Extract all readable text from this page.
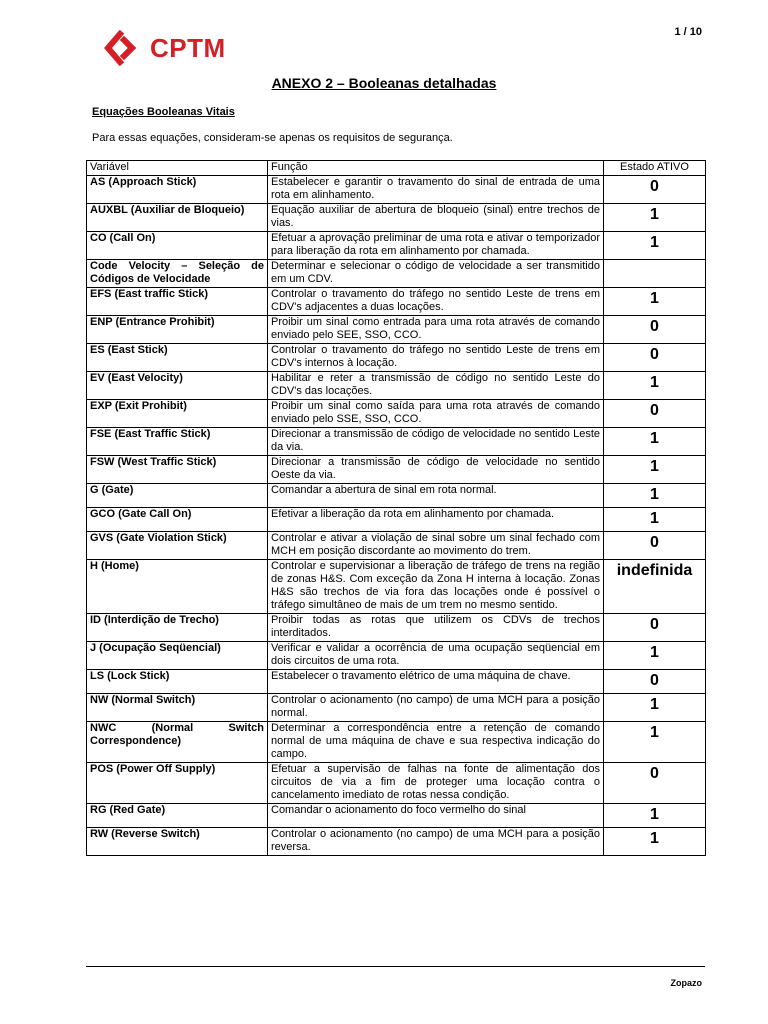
1 / 10
CPTM
ANEXO 2 – Booleanas detalhadas
Equações Booleanas Vitais
Para essas equações, consideram-se apenas os requisitos de segurança.
Variável	Função	Estado ATIVO
AS (Approach Stick)	Estabelecer e garantir o travamento do sinal de entrada de uma rota em alinhamento.	0
AUXBL (Auxiliar de Bloqueio)	Equação auxiliar de abertura de bloqueio (sinal) entre trechos de vias.	1
CO (Call On)	Efetuar a aprovação preliminar de uma rota e ativar o temporizador para liberação da rota em alinhamento por chamada.	1
Code Velocity – Seleção de Códigos de Velocidade	Determinar e selecionar o código de velocidade a ser transmitido em um CDV.	
EFS (East traffic Stick)	Controlar o travamento do tráfego no sentido Leste de trens em CDV's adjacentes a duas locações.	1
ENP (Entrance Prohibit)	Proibir um sinal como entrada para uma rota através de comando enviado pelo SEE, SSO, CCO.	0
ES (East Stick)	Controlar o travamento do tráfego no sentido Leste de trens em CDV's internos à locação.	0
EV (East Velocity)	Habilitar e reter a transmissão de código no sentido Leste do CDV's das locações.	1
EXP (Exit Prohibit)	Proibir um sinal como saída para uma rota através de comando enviado pelo SSE, SSO, CCO.	0
FSE (East Traffic Stick)	Direcionar a transmissão de código de velocidade no sentido Leste da via.	1
FSW (West Traffic Stick)	Direcionar a transmissão de código de velocidade no sentido Oeste da via.	1
G (Gate)	Comandar a abertura de sinal em rota normal.	1
GCO (Gate Call On)	Efetivar a liberação da rota em alinhamento por chamada.	1
GVS (Gate Violation Stick)	Controlar e ativar a violação de sinal sobre um sinal fechado com MCH em posição discordante ao movimento do trem.	0
H (Home)	Controlar e supervisionar a liberação de tráfego de trens na região de zonas H&S. Com exceção da Zona H interna à locação. Zonas H&S são trechos de via fora das locações onde é possível o tráfego simultâneo de mais de um trem no mesmo sentido.	indefinida
ID (Interdição de Trecho)	Proibir todas as rotas que utilizem os CDVs de trechos interditados.	0
J (Ocupação Seqüencial)	Verificar e validar a ocorrência de uma ocupação seqüencial em dois circuitos de uma rota.	1
LS (Lock Stick)	Estabelecer o travamento elétrico de uma máquina de chave.	0
NW (Normal Switch)	Controlar o acionamento (no campo) de uma MCH para a posição normal.	1
NWC (Normal Switch Correspondence)	Determinar a correspondência entre a retenção de comando normal de uma máquina de chave e sua respectiva indicação do campo.	1
POS (Power Off Supply)	Efetuar a supervisão de falhas na fonte de alimentação dos circuitos de via a fim de proteger uma locação contra o cancelamento imediato de rotas nessa condição.	0
RG (Red Gate)	Comandar o acionamento do foco vermelho do sinal	1
RW (Reverse Switch)	Controlar o acionamento (no campo) de uma MCH para a posição reversa.	1
Zopazo
